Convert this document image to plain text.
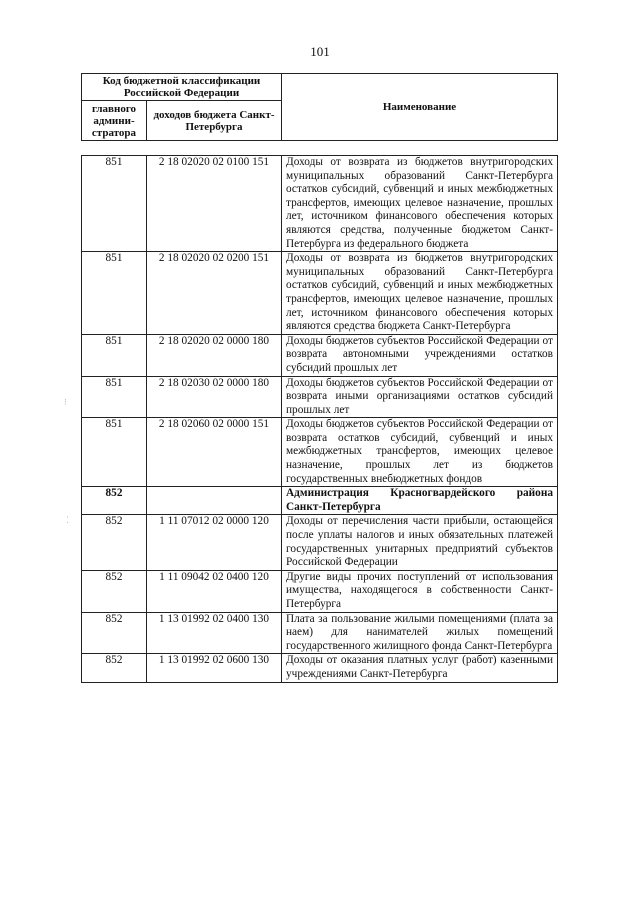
101
⁝
⁚
Код бюджетной классификации Российской Федерации		Наименование
главного админи-стратора	доходов бюджета Санкт-Петербурга	
851	2 18 02020 02 0100 151	Доходы от возврата из бюджетов внутригородских муниципальных образований Санкт-Петербурга остатков субсидий, субвенций и иных межбюджетных трансфертов, имеющих целевое назначение, прошлых лет, источником финансового обеспечения которых являются средства, полученные бюджетом Санкт-Петербурга из федерального бюджета
851	2 18 02020 02 0200 151	Доходы от возврата из бюджетов внутригородских муниципальных образований Санкт-Петербурга остатков субсидий, субвенций и иных межбюджетных трансфертов, имеющих целевое назначение, прошлых лет, источником финансового обеспечения которых являются средства бюджета Санкт-Петербурга
851	2 18 02020 02 0000 180	Доходы бюджетов субъектов Российской Федерации от возврата автономными учреждениями остатков субсидий прошлых лет
851	2 18 02030 02 0000 180	Доходы бюджетов субъектов Российской Федерации от возврата иными организациями остатков субсидий прошлых лет
851	2 18 02060 02 0000 151	Доходы бюджетов субъектов Российской Федерации от возврата остатков субсидий, субвенций и иных межбюджетных трансфертов, имеющих целевое назначение, прошлых лет из бюджетов государственных внебюджетных фондов
852		Администрация Красногвардейского района Санкт-Петербурга
852	1 11 07012 02 0000 120	Доходы от перечисления части прибыли, остающейся после уплаты налогов и иных обязательных платежей государственных унитарных предприятий субъектов Российской Федерации
852	1 11 09042 02 0400 120	Другие виды прочих поступлений от использования имущества, находящегося в собственности Санкт-Петербурга
852	1 13 01992 02 0400 130	Плата за пользование жилыми помещениями (плата за наем) для нанимателей жилых помещений государственного жилищного фонда Санкт-Петербурга
852	1 13 01992 02 0600 130	Доходы от оказания платных услуг (работ) казенными учреждениями Санкт-Петербурга
